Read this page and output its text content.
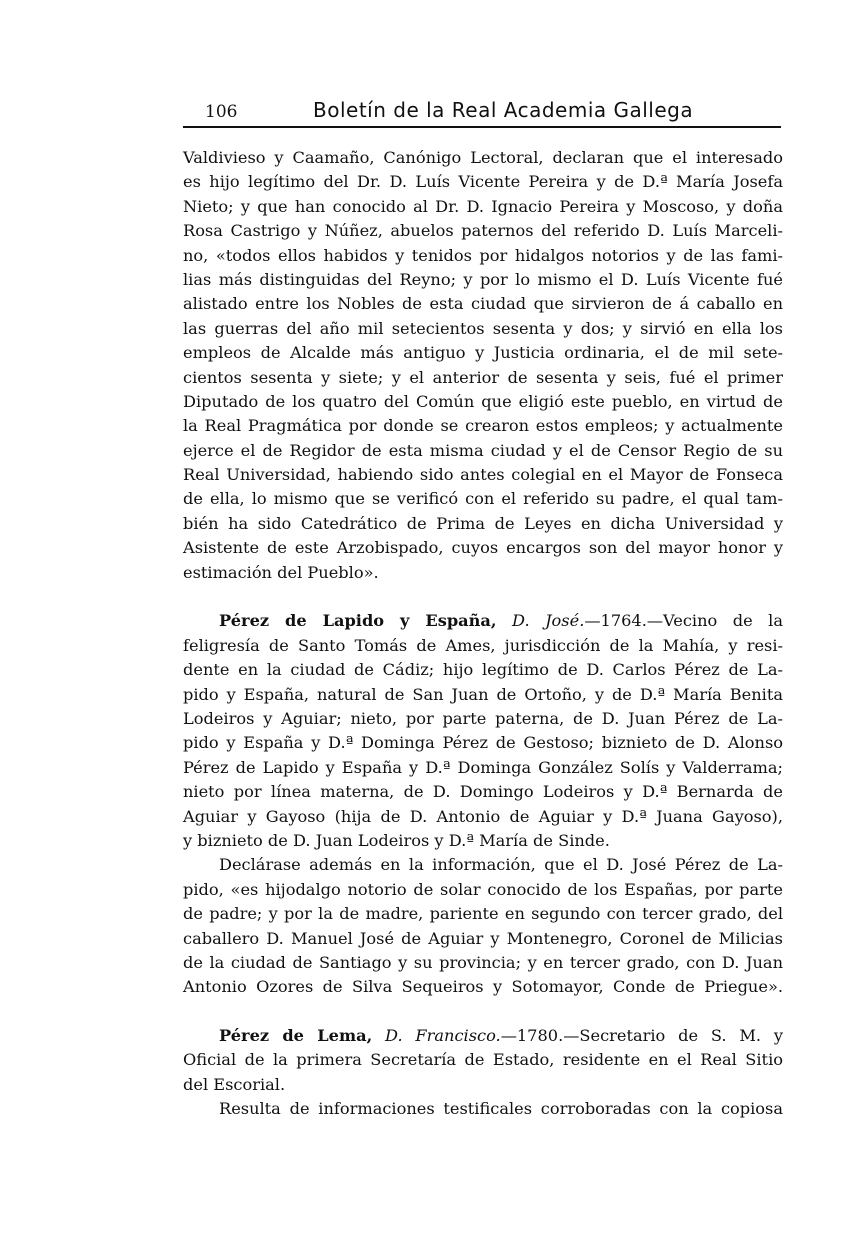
106	Boletín de la Real Academia Gallega
Valdivieso y Caamaño, Canónigo Lectoral, declaran que el interesado
es hijo legítimo del Dr. D. Luís Vicente Pereira y de D.ª María Josefa
Nieto; y que han conocido al Dr. D. Ignacio Pereira y Moscoso, y doña
Rosa Castrigo y Núñez, abuelos paternos del referido D. Luís Marceli-
no, «todos ellos habidos y tenidos por hidalgos notorios y de las fami-
lias más distinguidas del Reyno; y por lo mismo el D. Luís Vicente fué
alistado entre los Nobles de esta ciudad que sirvieron de á caballo en
las guerras del año mil setecientos sesenta y dos; y sirvió en ella los
empleos de Alcalde más antiguo y Justicia ordinaria, el de mil sete-
cientos sesenta y siete; y el anterior de sesenta y seis, fué el primer
Diputado de los quatro del Común que eligió este pueblo, en virtud de
la Real Pragmática por donde se crearon estos empleos; y actualmente
ejerce el de Regidor de esta misma ciudad y el de Censor Regio de su
Real Universidad, habiendo sido antes colegial en el Mayor de Fonseca
de ella, lo mismo que se verificó con el referido su padre, el qual tam-
bién ha sido Catedrático de Prima de Leyes en dicha Universidad y
Asistente de este Arzobispado, cuyos encargos son del mayor honor y
estimación del Pueblo».
Pérez de Lapido y España, D. José.—1764.—Vecino de la
feligresía de Santo Tomás de Ames, jurisdicción de la Mahía, y resi-
dente en la ciudad de Cádiz; hijo legítimo de D. Carlos Pérez de La-
pido y España, natural de San Juan de Ortoño, y de D.ª María Benita
Lodeiros y Aguiar; nieto, por parte paterna, de D. Juan Pérez de La-
pido y España y D.ª Dominga Pérez de Gestoso; biznieto de D. Alonso
Pérez de Lapido y España y D.ª Dominga González Solís y Valderrama;
nieto por línea materna, de D. Domingo Lodeiros y D.ª Bernarda de
Aguiar y Gayoso (hija de D. Antonio de Aguiar y D.ª Juana Gayoso),
y biznieto de D. Juan Lodeiros y D.ª María de Sinde.
Declárase además en la información, que el D. José Pérez de La-
pido, «es hijodalgo notorio de solar conocido de los Españas, por parte
de padre; y por la de madre, pariente en segundo con tercer grado, del
caballero D. Manuel José de Aguiar y Montenegro, Coronel de Milicias
de la ciudad de Santiago y su provincia; y en tercer grado, con D. Juan
Antonio Ozores de Silva Sequeiros y Sotomayor, Conde de Priegue».
Pérez de Lema, D. Francisco.—1780.—Secretario de S. M. y
Oficial de la primera Secretaría de Estado, residente en el Real Sitio
del Escorial.
Resulta de informaciones testificales corroboradas con la copiosa
